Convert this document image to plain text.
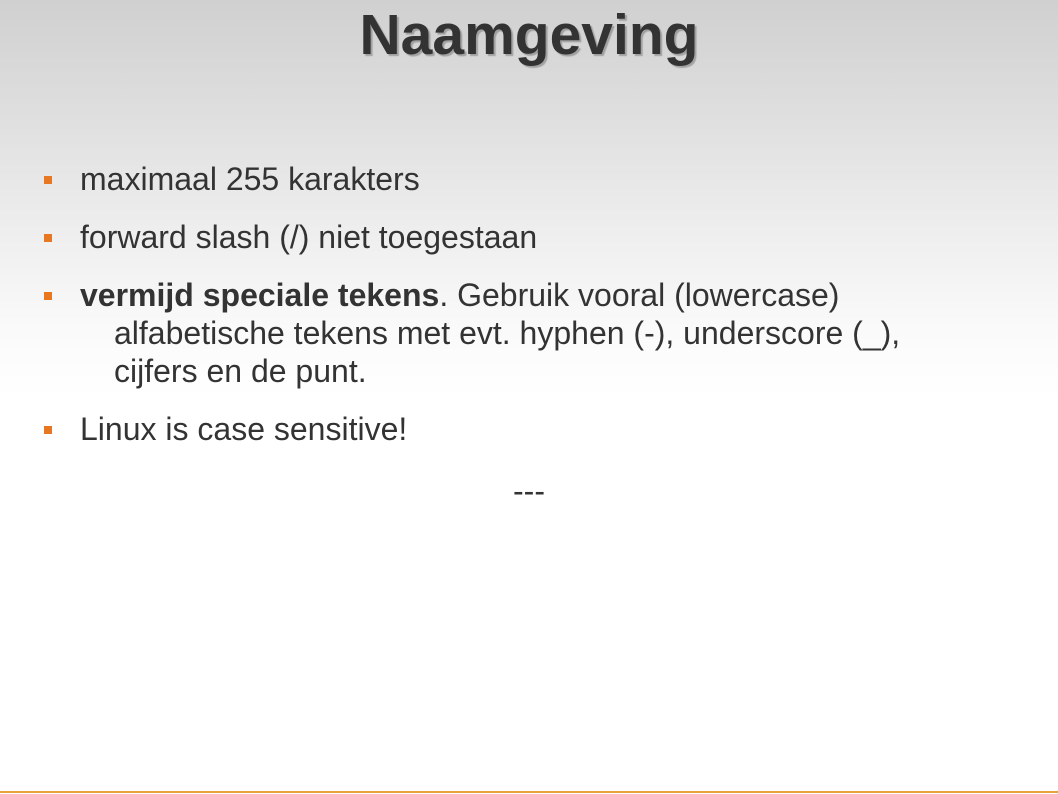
Naamgeving
maximaal 255 karakters
forward slash (/) niet toegestaan
vermijd speciale tekens. Gebruik vooral (lowercase)
alfabetische tekens met evt. hyphen (-), underscore (_),
cijfers en de punt.
Linux is case sensitive!
---
